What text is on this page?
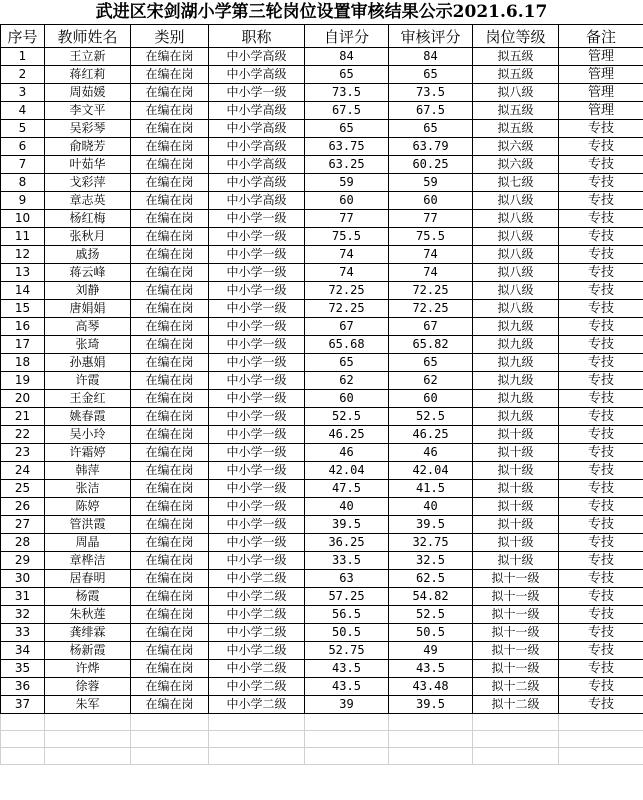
武进区宋剑湖小学第三轮岗位设置审核结果公示2021.6.17
序号	教师姓名	类别	职称	自评分	审核评分	岗位等级	备注
1	王立新	在编在岗	中小学高级	84	84	拟五级	管理
2	蒋红莉	在编在岗	中小学高级	65	65	拟五级	管理
3	周茹媛	在编在岗	中小学一级	73.5	73.5	拟八级	管理
4	李文平	在编在岗	中小学高级	67.5	67.5	拟五级	管理
5	吴彩琴	在编在岗	中小学高级	65	65	拟五级	专技
6	俞晓芳	在编在岗	中小学高级	63.75	63.79	拟六级	专技
7	叶茹华	在编在岗	中小学高级	63.25	60.25	拟六级	专技
8	戈彩萍	在编在岗	中小学高级	59	59	拟七级	专技
9	章志英	在编在岗	中小学高级	60	60	拟八级	专技
10	杨红梅	在编在岗	中小学一级	77	77	拟八级	专技
11	张秋月	在编在岗	中小学一级	75.5	75.5	拟八级	专技
12	戚扬	在编在岗	中小学一级	74	74	拟八级	专技
13	蒋云峰	在编在岗	中小学一级	74	74	拟八级	专技
14	刘静	在编在岗	中小学一级	72.25	72.25	拟八级	专技
15	唐娟娟	在编在岗	中小学一级	72.25	72.25	拟八级	专技
16	高琴	在编在岗	中小学一级	67	67	拟九级	专技
17	张琦	在编在岗	中小学一级	65.68	65.82	拟九级	专技
18	孙惠娟	在编在岗	中小学一级	65	65	拟九级	专技
19	许霞	在编在岗	中小学一级	62	62	拟九级	专技
20	王金红	在编在岗	中小学一级	60	60	拟九级	专技
21	姚春霞	在编在岗	中小学一级	52.5	52.5	拟九级	专技
22	吴小玲	在编在岗	中小学一级	46.25	46.25	拟十级	专技
23	许霜婷	在编在岗	中小学一级	46	46	拟十级	专技
24	韩萍	在编在岗	中小学一级	42.04	42.04	拟十级	专技
25	张洁	在编在岗	中小学一级	47.5	41.5	拟十级	专技
26	陈婷	在编在岗	中小学一级	40	40	拟十级	专技
27	管洪霞	在编在岗	中小学一级	39.5	39.5	拟十级	专技
28	周晶	在编在岗	中小学一级	36.25	32.75	拟十级	专技
29	章桦洁	在编在岗	中小学一级	33.5	32.5	拟十级	专技
30	居春明	在编在岗	中小学二级	63	62.5	拟十一级	专技
31	杨霞	在编在岗	中小学二级	57.25	54.82	拟十一级	专技
32	朱秋莲	在编在岗	中小学二级	56.5	52.5	拟十一级	专技
33	龚绯霖	在编在岗	中小学二级	50.5	50.5	拟十一级	专技
34	杨新霞	在编在岗	中小学二级	52.75	49	拟十一级	专技
35	许烨	在编在岗	中小学二级	43.5	43.5	拟十一级	专技
36	徐蓉	在编在岗	中小学二级	43.5	43.48	拟十二级	专技
37	朱军	在编在岗	中小学二级	39	39.5	拟十二级	专技
